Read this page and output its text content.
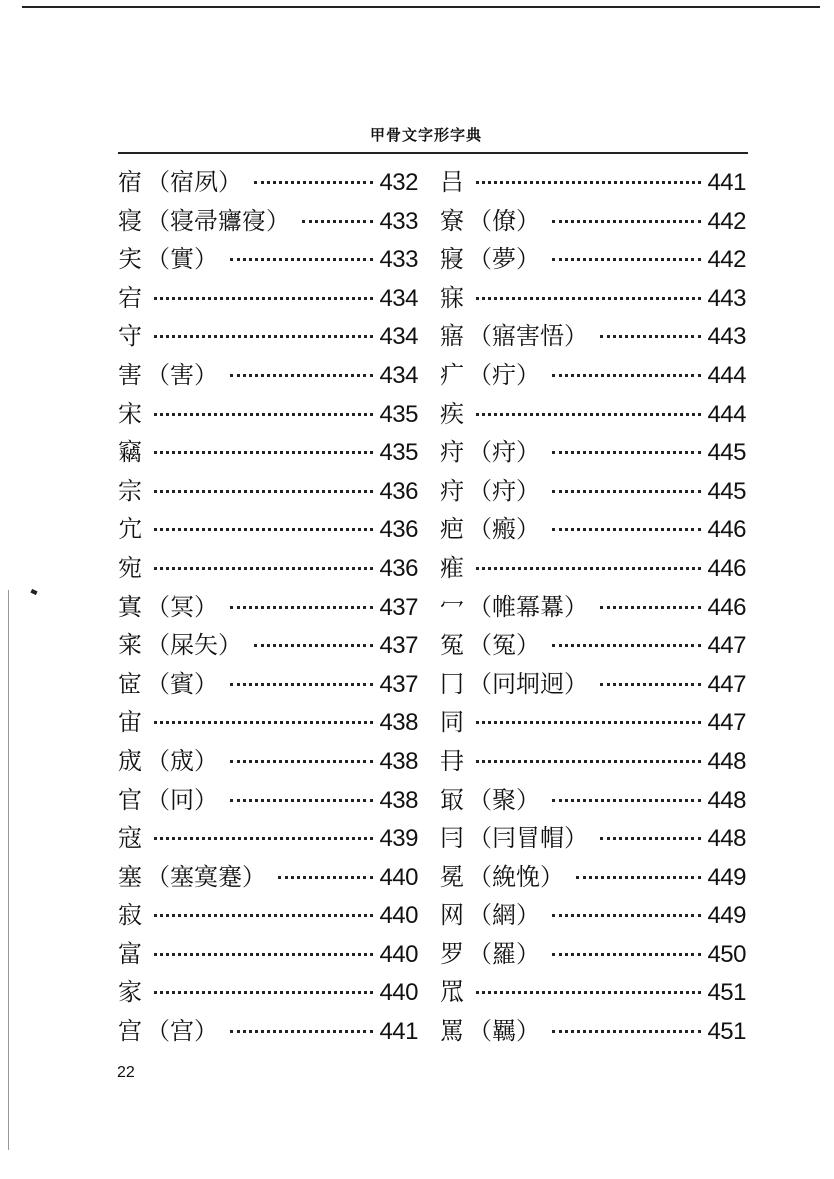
甲骨文字形字典
宿 （宿夙）	432
寝 （寝帚㝲寑）	433
宎 （實）	433
宕	434
守	434
害 （害）	434
宋	435
竊	435
宗	436
宂	436
宛	436
寘 （冥）	437
宷 （屎矢）	437
宧 （賓）	437
宙	438
宬 （宬）	438
官 （冋）	438
寇	439
塞 （塞寞蹇）	440
寂	440
富	440
家	440
宫 （宫）	441
吕	441
寮 （僚）	442
寢 （夢）	442
寐	443
寤 （寤害悟）	443
疒 （疔）	444
疾	444
疛 （疛）	445
疛 （疛）	445
疤 （瘢）	446
痽	446
冖 （帷冪羃）	446
冤 （冤）	447
冂 （冋坰迥）	447
同	447
冄	448
冣 （聚）	448
冃 （冃冒帽）	448
冕 （絻悗）	449
网 （網）	449
罗 （羅）	450
罛	451
罵 （羈）	451
22
